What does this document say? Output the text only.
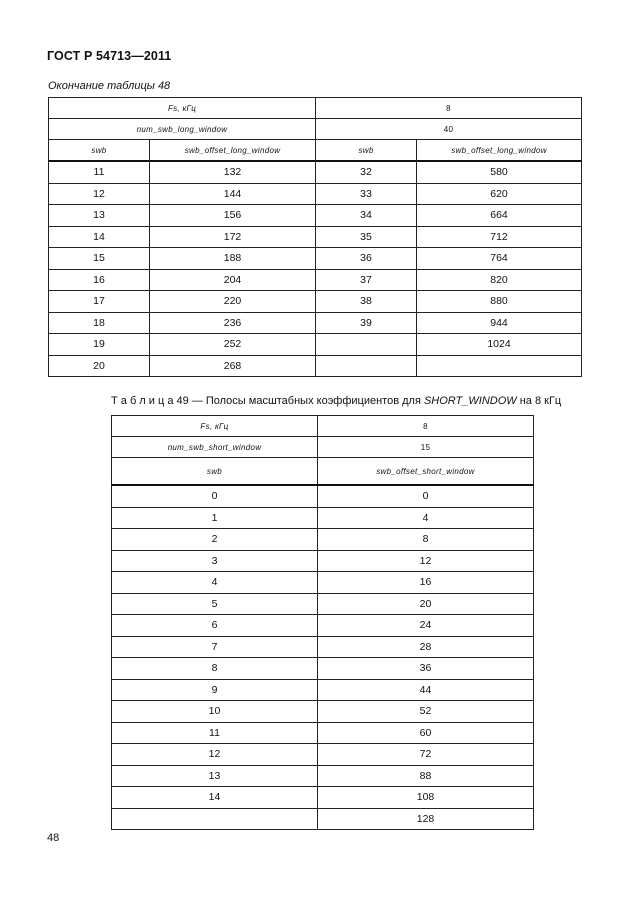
ГОСТ Р 54713—2011
Окончание таблицы 48
Fs, кГц		8	
num_swb_long_window		40	
swb	swb_offset_long_window	swb	swb_offset_long_window
11	132	32	580
12	144	33	620
13	156	34	664
14	172	35	712
15	188	36	764
16	204	37	820
17	220	38	880
18	236	39	944
19	252		1024
20	268		
Т а б л и ц а 49 — Полосы масштабных коэффициентов для SHORT_WINDOW на 8 кГц
Fs, кГц	8
num_swb_short_window	15
swb	swb_offset_short_window
0	0
1	4
2	8
3	12
4	16
5	20
6	24
7	28
8	36
9	44
10	52
11	60
12	72
13	88
14	108
	128
48
